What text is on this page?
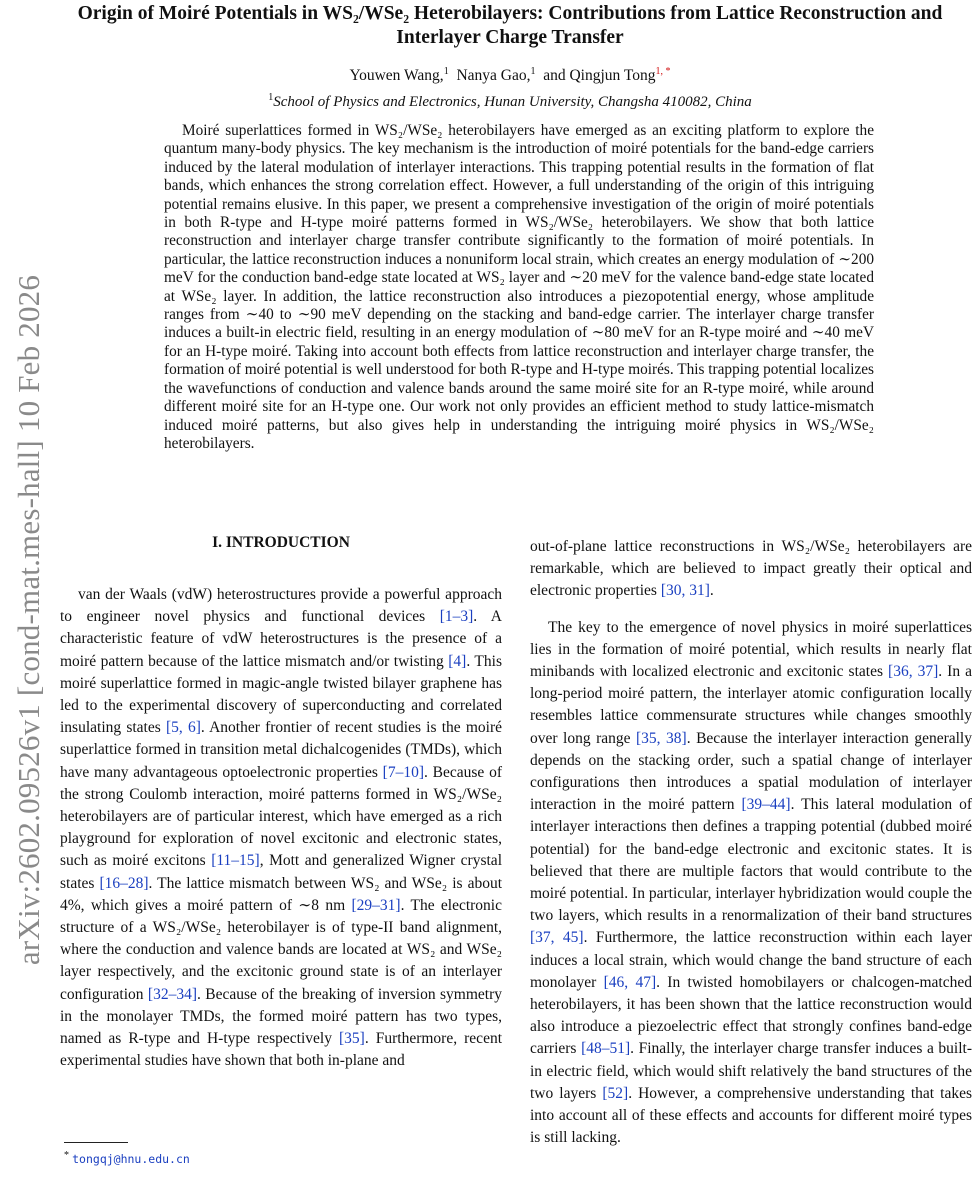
arXiv:2602.09526v1 [cond-mat.mes-hall] 10 Feb 2026
Origin of Moiré Potentials in WS₂/WSe₂ Heterobilayers: Contributions from Lattice Reconstruction and Interlayer Charge Transfer
Youwen Wang,$^1$ Nanya Gao,$^1$ and Qingjun Tong$^{1, *}$
$^1$School of Physics and Electronics, Hunan University, Changsha 410082, China

Moiré superlattices formed in WS₂/WSe₂ heterobilayers have emerged as an exciting platform to explore the quantum many-body physics. The key mechanism is the introduction of moiré potentials for the band-edge carriers induced by the lateral modulation of interlayer interactions. This trapping potential results in the formation of flat bands, which enhances the strong correlation effect. However, a full understanding of the origin of this intriguing potential remains elusive. In this paper, we present a comprehensive investigation of the origin of moiré potentials in both R-type and H-type moiré patterns formed in WS₂/WSe₂ heterobilayers. We show that both lattice reconstruction and interlayer charge transfer contribute significantly to the formation of moiré potentials. In particular, the lattice reconstruction induces a nonuniform local strain, which creates an energy modulation of ∼200 meV for the conduction band-edge state located at WS₂ layer and ∼20 meV for the valence band-edge state located at WSe₂ layer. In addition, the lattice reconstruction also introduces a piezopotential energy, whose amplitude ranges from ∼40 to ∼90 meV depending on the stacking and band-edge carrier. The interlayer charge transfer induces a built-in electric field, resulting in an energy modulation of ∼80 meV for an R-type moiré and ∼40 meV for an H-type moiré. Taking into account both effects from lattice reconstruction and interlayer charge transfer, the formation of moiré potential is well understood for both R-type and H-type moirés. This trapping potential localizes the wavefunctions of conduction and valence bands around the same moiré site for an R-type moiré, while around different moiré site for an H-type one. Our work not only provides an efficient method to study lattice-mismatch induced moiré patterns, but also gives help in understanding the intriguing moiré physics in WS₂/WSe₂ heterobilayers.

I. INTRODUCTION

van der Waals (vdW) heterostructures provide a powerful approach to engineer novel physics and functional devices [1–3]. A characteristic feature of vdW heterostructures is the presence of a moiré pattern because of the lattice mismatch and/or twisting [4]. This moiré superlattice formed in magic-angle twisted bilayer graphene has led to the experimental discovery of superconducting and correlated insulating states [5, 6]. Another frontier of recent studies is the moiré superlattice formed in transition metal dichalcogenides (TMDs), which have many advantageous optoelectronic properties [7–10]. Because of the strong Coulomb interaction, moiré patterns formed in WS₂/WSe₂ heterobilayers are of particular interest, which have emerged as a rich playground for exploration of novel excitonic and electronic states, such as moiré excitons [11–15], Mott and generalized Wigner crystal states [16–28]. The lattice mismatch between WS₂ and WSe₂ is about 4%, which gives a moiré pattern of ∼8 nm [29–31]. The electronic structure of a WS₂/WSe₂ heterobilayer is of type-II band alignment, where the conduction and valence bands are located at WS₂ and WSe₂ layer respectively, and the excitonic ground state is of an interlayer configuration [32–34]. Because of the breaking of inversion symmetry in the monolayer TMDs, the formed moiré pattern has two types, named as R-type and H-type respectively [35]. Furthermore, recent experimental studies have shown that both in-plane and

out-of-plane lattice reconstructions in WS₂/WSe₂ heterobilayers are remarkable, which are believed to impact greatly their optical and electronic properties [30, 31].

The key to the emergence of novel physics in moiré superlattices lies in the formation of moiré potential, which results in nearly flat minibands with localized electronic and excitonic states [36, 37]. In a long-period moiré pattern, the interlayer atomic configuration locally resembles lattice commensurate structures while changes smoothly over long range [35, 38]. Because the interlayer interaction generally depends on the stacking order, such a spatial change of interlayer configurations then introduces a spatial modulation of interlayer interaction in the moiré pattern [39–44]. This lateral modulation of interlayer interactions then defines a trapping potential (dubbed moiré potential) for the band-edge electronic and excitonic states. It is believed that there are multiple factors that would contribute to the moiré potential. In particular, interlayer hybridization would couple the two layers, which results in a renormalization of their band structures [37, 45]. Furthermore, the lattice reconstruction within each layer induces a local strain, which would change the band structure of each monolayer [46, 47]. In twisted homobilayers or chalcogen-matched heterobilayers, it has been shown that the lattice reconstruction would also introduce a piezoelectric effect that strongly confines band-edge carriers [48–51]. Finally, the interlayer charge transfer induces a built-in electric field, which would shift relatively the band structures of the two layers [52]. However, a comprehensive understanding that takes into account all of these effects and accounts for different moiré types is still lacking.

* tongqj@hnu.edu.cn
